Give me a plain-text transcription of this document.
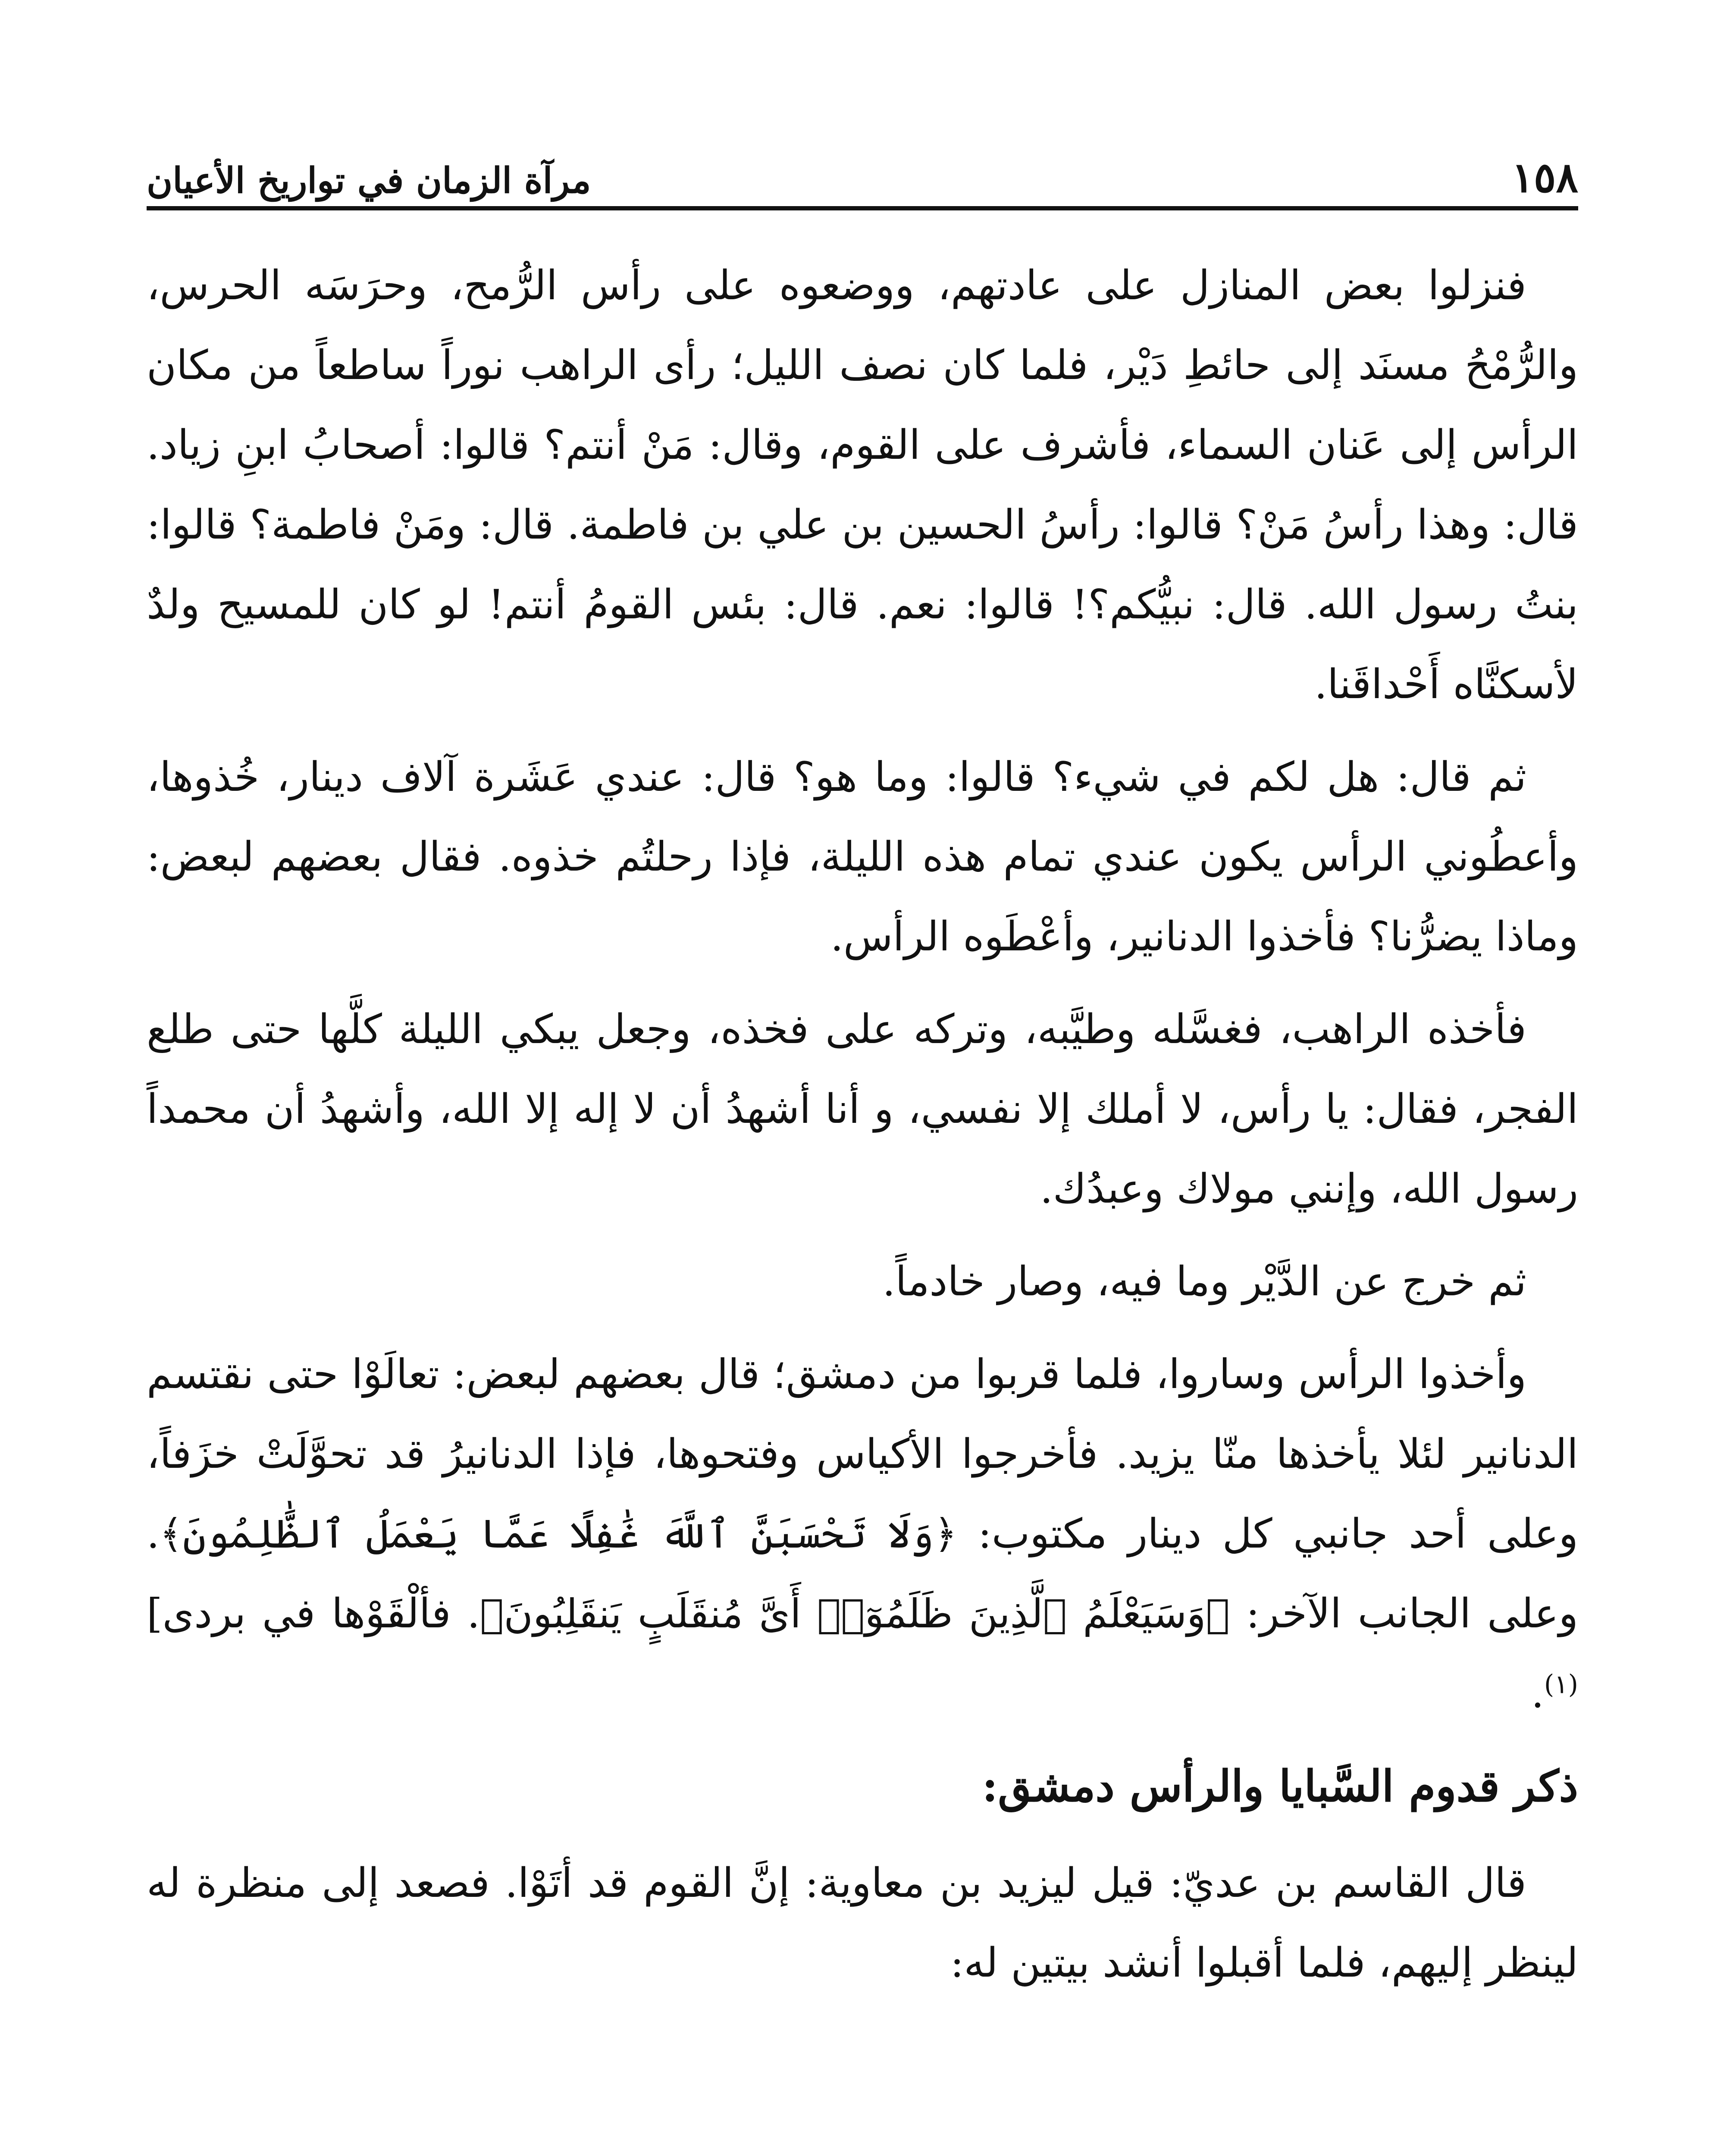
١٥٨
مرآة الزمان في تواريخ الأعيان

فنزلوا بعض المنازل على عادتهم، ووضعوه على رأس الرُّمح، وحرَسَه الحرس، والرُّمْحُ مسنَد إلى حائطِ دَيْر، فلما كان نصف الليل؛ رأى الراهب نوراً ساطعاً من مكان الرأس إلى عَنان السماء، فأشرف على القوم، وقال: مَنْ أنتم؟ قالوا: أصحابُ ابنِ زياد. قال: وهذا رأسُ مَنْ؟ قالوا: رأسُ الحسين بن علي بن فاطمة. قال: ومَنْ فاطمة؟ قالوا: بنتُ رسول الله. قال: نبيُّكم؟! قالوا: نعم. قال: بئس القومُ أنتم! لو كان للمسيح ولدٌ لأسكنَّاه أَحْداقَنا.

ثم قال: هل لكم في شيء؟ قالوا: وما هو؟ قال: عندي عَشَرة آلاف دينار، خُذوها، وأعطُوني الرأس يكون عندي تمام هذه الليلة، فإذا رحلتُم خذوه. فقال بعضهم لبعض: وماذا يضرُّنا؟ فأخذوا الدنانير، وأعْطَوه الرأس.

فأخذه الراهب، فغسَّله وطيَّبه، وتركه على فخذه، وجعل يبكي الليلة كلَّها حتى طلع الفجر، فقال: يا رأس، لا أملك إلا نفسي، و أنا أشهدُ أن لا إله إلا الله، وأشهدُ أن محمداً رسول الله، وإنني مولاك وعبدُك.

ثم خرج عن الدَّيْر وما فيه، وصار خادماً.

وأخذوا الرأس وساروا، فلما قربوا من دمشق؛ قال بعضهم لبعض: تعالَوْا حتى نقتسم الدنانير لئلا يأخذها منّا يزيد. فأخرجوا الأكياس وفتحوها، فإذا الدنانيرُ قد تحوَّلَتْ خزَفاً، وعلى أحد جانبي كل دينار مكتوب: ﴿وَلَا تَحْسَبَنَّ ٱللَّهَ غَٰفِلًا عَمَّا يَعْمَلُ ٱلظَّٰلِمُونَ﴾. وعلى الجانب الآخر: ﴿وَسَيَعْلَمُ ٱلَّذِينَ ظَلَمُوٓا۟ أَىَّ مُنقَلَبٍ يَنقَلِبُونَ﴾. فألْقَوْها في بردى]$^{(١)}$.

ذكر قدوم السَّبايا والرأس دمشق:

قال القاسم بن عديّ: قيل ليزيد بن معاوية: إنَّ القوم قد أتَوْا. فصعد إلى منظرة له لينظر إليهم، فلما أقبلوا أنشد بيتين له:
